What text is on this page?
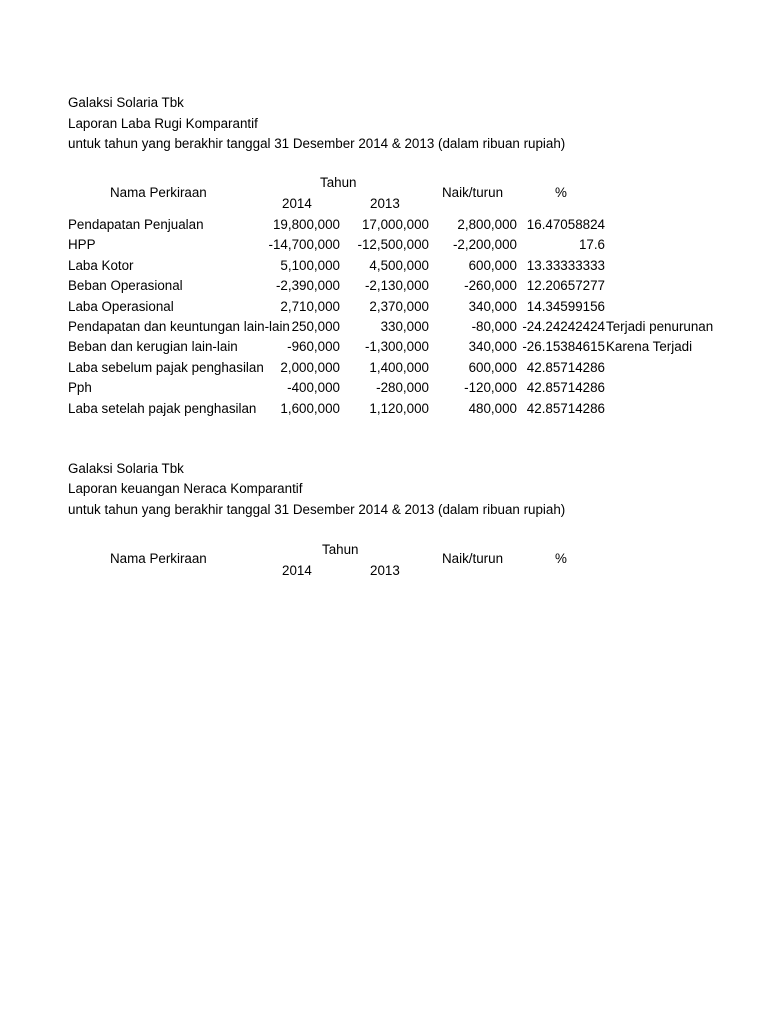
Galaksi Solaria Tbk
Laporan Laba Rugi Komparantif
untuk tahun yang berakhir tanggal 31 Desember 2014 & 2013 (dalam ribuan rupiah)
Nama Perkiraan
Tahun
2014	2013
Naik/turun	%
Pendapatan Penjualan	19,800,000	17,000,000	2,800,000 16.47058824
HPP	-14,700,000	-12,500,000	-2,200,000	17.6
Laba Kotor	5,100,000	4,500,000	600,000 13.33333333
Beban Operasional	-2,390,000	-2,130,000	-260,000 12.20657277
Laba Operasional	2,710,000	2,370,000	340,000 14.34599156
Pendapatan dan keuntungan lain-lain 250,000	330,000	-80,000 -24.24242424 Terjadi penurunan
Beban dan kerugian lain-lain	-960,000	-1,300,000	340,000 -26.15384615 Karena Terjadi
Laba sebelum pajak penghasilan	2,000,000	1,400,000	600,000 42.85714286
Pph	-400,000	-280,000	-120,000 42.85714286
Laba setelah pajak penghasilan	1,600,000	1,120,000	480,000 42.85714286
Galaksi Solaria Tbk
Laporan keuangan Neraca Komparantif
untuk tahun yang berakhir tanggal 31 Desember 2014 & 2013 (dalam ribuan rupiah)
Nama Perkiraan
Tahun
2014	2013
Naik/turun	%
